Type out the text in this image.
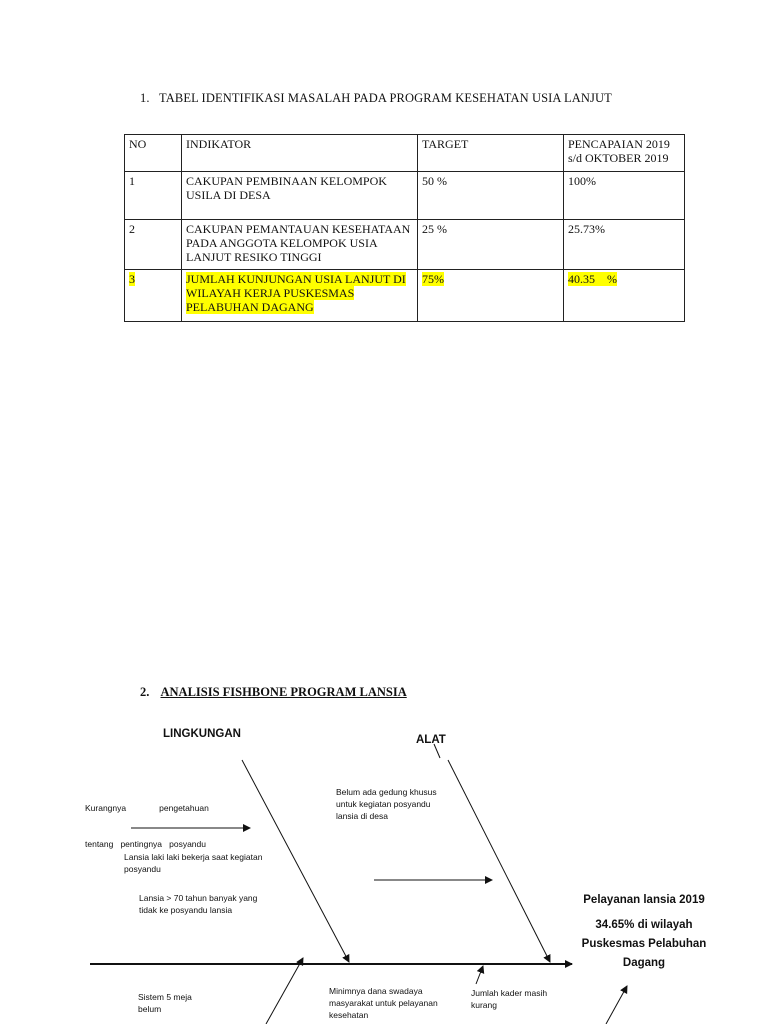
1. TABEL IDENTIFIKASI MASALAH PADA PROGRAM KESEHATAN USIA LANJUT
NO	INDIKATOR	TARGET	PENCAPAIAN 2019 s/d OKTOBER 2019
1	CAKUPAN PEMBINAAN KELOMPOK USILA DI DESA	50 %	100%
2	CAKUPAN PEMANTAUAN KESEHATAAN PADA ANGGOTA KELOMPOK USIA LANJUT RESIKO TINGGI	25 %	25.73%
3	JUMLAH KUNJUNGAN USIA LANJUT DI WILAYAH KERJA PUSKESMAS PELABUHAN DAGANG	75%	40.35    %
2. ANALISIS FISHBONE PROGRAM LANSIA
LINGKUNGAN	ALAT

Kurangnya              pengetahuan

tentang   pentingnya   posyandu

Lansia laki laki bekerja saat kegiatan posyandu
Lansia > 70 tahun banyak yang tidak ke posyandu lansia
Belum ada gedung khusus untuk kegiatan posyandu lansia di desa
Sistem 5 meja belum
Minimnya dana swadaya masyarakat untuk pelayanan kesehatan
Jumlah kader masih kurang
Pelayanan lansia 2019
34.65% di wilayah Puskesmas Pelabuhan Dagang
